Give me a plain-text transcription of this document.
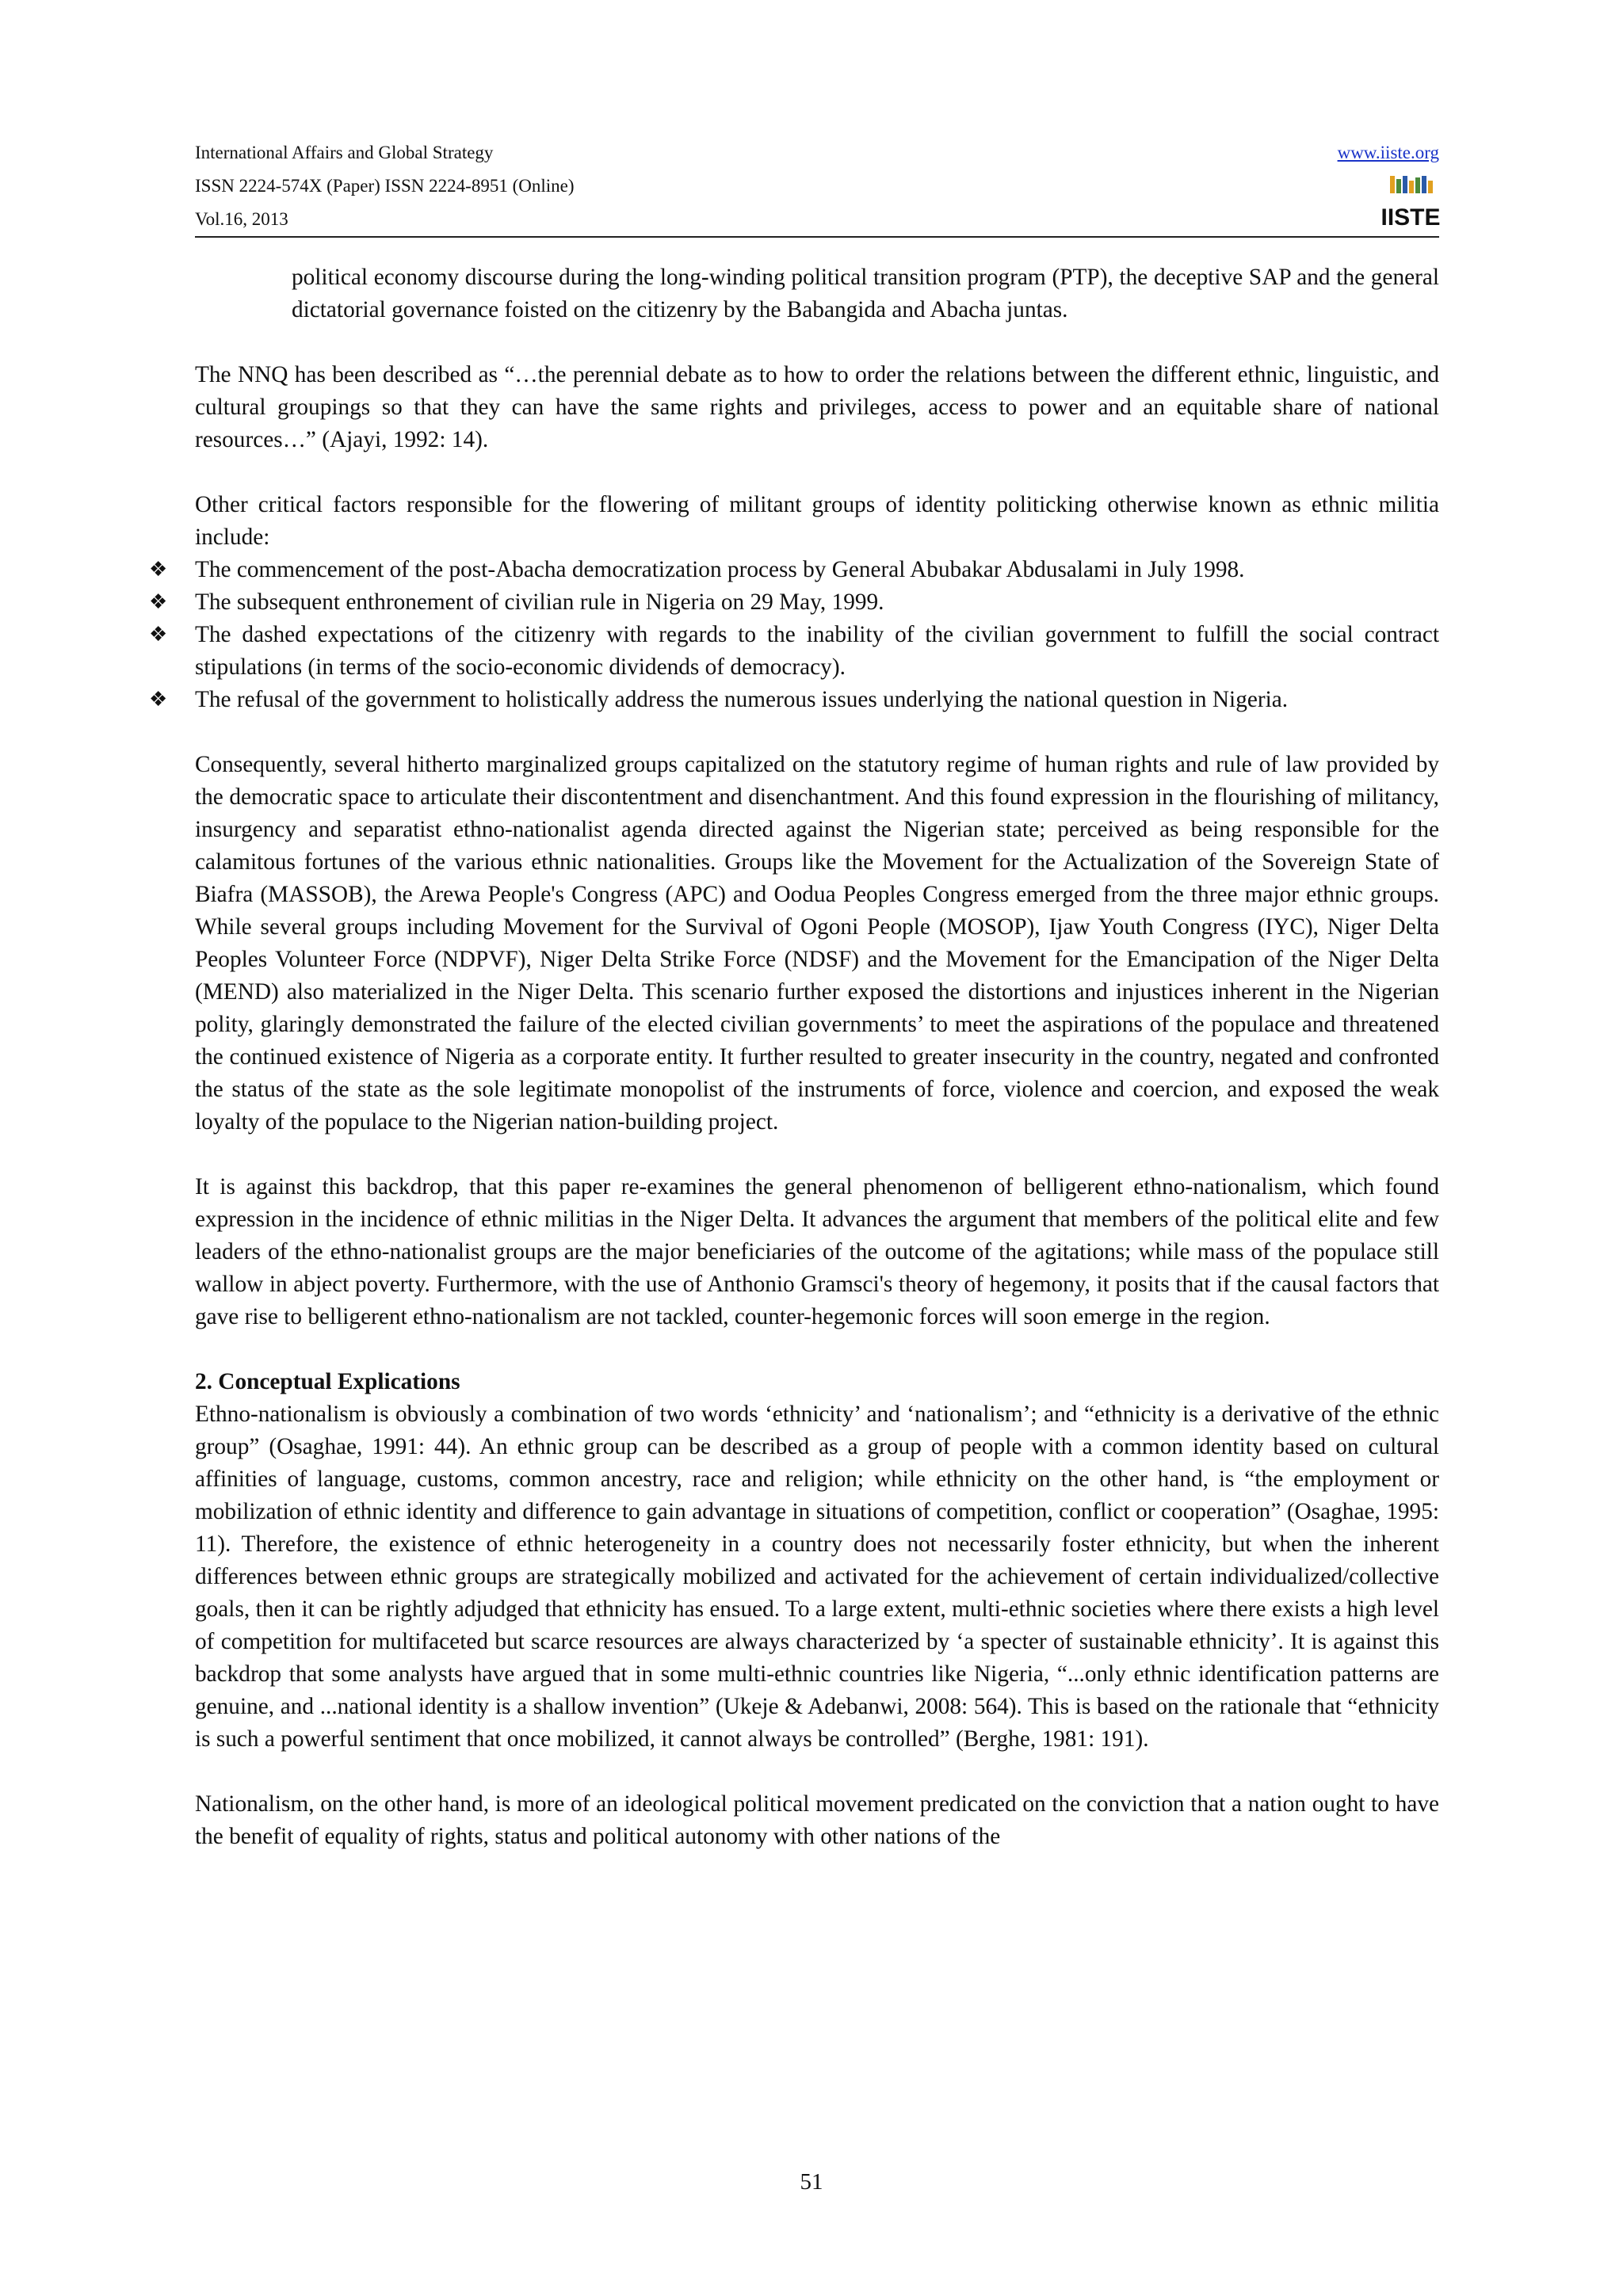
International Affairs and Global Strategy	www.iiste.org
ISSN 2224-574X (Paper) ISSN 2224-8951 (Online)
Vol.16, 2013	IISTE

political economy discourse during the long-winding political transition program (PTP), the deceptive SAP and the general dictatorial governance foisted on the citizenry by the Babangida and Abacha juntas.

The NNQ has been described as “…the perennial debate as to how to order the relations between the different ethnic, linguistic, and cultural groupings so that they can have the same rights and privileges, access to power and an equitable share of national resources…” (Ajayi, 1992: 14).

Other critical factors responsible for the flowering of militant groups of identity politicking otherwise known as ethnic militia include:

❖ The commencement of the post-Abacha democratization process by General Abubakar Abdusalami in July 1998.
❖ The subsequent enthronement of civilian rule in Nigeria on 29 May, 1999.
❖ The dashed expectations of the citizenry with regards to the inability of the civilian government to fulfill the social contract stipulations (in terms of the socio-economic dividends of democracy).
❖ The refusal of the government to holistically address the numerous issues underlying the national question in Nigeria.

Consequently, several hitherto marginalized groups capitalized on the statutory regime of human rights and rule of law provided by the democratic space to articulate their discontentment and disenchantment. And this found expression in the flourishing of militancy, insurgency and separatist ethno-nationalist agenda directed against the Nigerian state; perceived as being responsible for the calamitous fortunes of the various ethnic nationalities. Groups like the Movement for the Actualization of the Sovereign State of Biafra (MASSOB), the Arewa People's Congress (APC) and Oodua Peoples Congress emerged from the three major ethnic groups. While several groups including Movement for the Survival of Ogoni People (MOSOP), Ijaw Youth Congress (IYC), Niger Delta Peoples Volunteer Force (NDPVF), Niger Delta Strike Force (NDSF) and the Movement for the Emancipation of the Niger Delta (MEND) also materialized in the Niger Delta. This scenario further exposed the distortions and injustices inherent in the Nigerian polity, glaringly demonstrated the failure of the elected civilian governments’ to meet the aspirations of the populace and threatened the continued existence of Nigeria as a corporate entity. It further resulted to greater insecurity in the country, negated and confronted the status of the state as the sole legitimate monopolist of the instruments of force, violence and coercion, and exposed the weak loyalty of the populace to the Nigerian nation-building project.

It is against this backdrop, that this paper re-examines the general phenomenon of belligerent ethno-nationalism, which found expression in the incidence of ethnic militias in the Niger Delta. It advances the argument that members of the political elite and few leaders of the ethno-nationalist groups are the major beneficiaries of the outcome of the agitations; while mass of the populace still wallow in abject poverty. Furthermore, with the use of Anthonio Gramsci's theory of hegemony, it posits that if the causal factors that gave rise to belligerent ethno-nationalism are not tackled, counter-hegemonic forces will soon emerge in the region.

2. Conceptual Explications

Ethno-nationalism is obviously a combination of two words ‘ethnicity’ and ‘nationalism’; and “ethnicity is a derivative of the ethnic group” (Osaghae, 1991: 44). An ethnic group can be described as a group of people with a common identity based on cultural affinities of language, customs, common ancestry, race and religion; while ethnicity on the other hand, is “the employment or mobilization of ethnic identity and difference to gain advantage in situations of competition, conflict or cooperation” (Osaghae, 1995: 11). Therefore, the existence of ethnic heterogeneity in a country does not necessarily foster ethnicity, but when the inherent differences between ethnic groups are strategically mobilized and activated for the achievement of certain individualized/collective goals, then it can be rightly adjudged that ethnicity has ensued. To a large extent, multi-ethnic societies where there exists a high level of competition for multifaceted but scarce resources are always characterized by ‘a specter of sustainable ethnicity’. It is against this backdrop that some analysts have argued that in some multi-ethnic countries like Nigeria, “...only ethnic identification patterns are genuine, and ...national identity is a shallow invention” (Ukeje & Adebanwi, 2008: 564). This is based on the rationale that “ethnicity is such a powerful sentiment that once mobilized, it cannot always be controlled” (Berghe, 1981: 191).

Nationalism, on the other hand, is more of an ideological political movement predicated on the conviction that a nation ought to have the benefit of equality of rights, status and political autonomy with other nations of the

51
